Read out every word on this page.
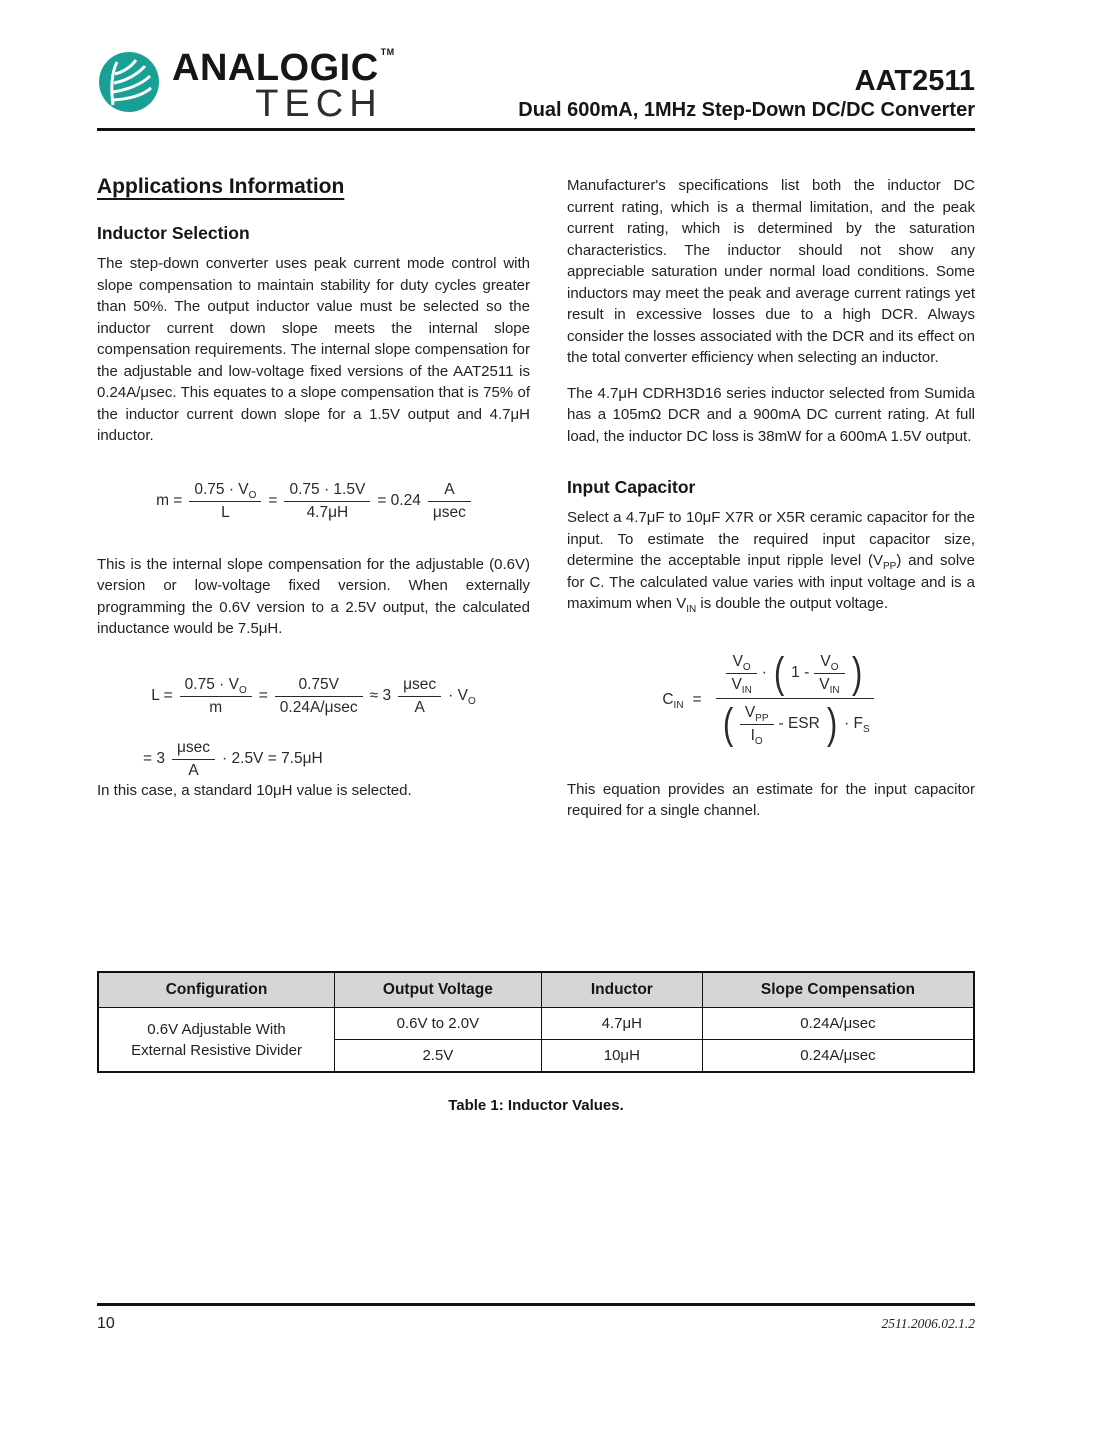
ANALOGIC ™
TECH
AAT2511
Dual 600mA, 1MHz Step-Down DC/DC Converter
Applications Information
Inductor Selection

The step-down converter uses peak current mode control with slope compensation to maintain stability for duty cycles greater than 50%. The output inductor value must be selected so the inductor current down slope meets the internal slope compensation requirements. The internal slope compensation for the adjustable and low-voltage fixed versions of the AAT2511 is 0.24A/μsec. This equates to a slope compensation that is 75% of the inductor current down slope for a 1.5V output and 4.7μH inductor.

$m = \frac{0.75 \cdot V_O}{L} = \frac{0.75 \cdot 1.5V}{4.7\mu H} = 0.24 \frac{A}{\mu\sec}$

This is the internal slope compensation for the adjustable (0.6V) version or low-voltage fixed version. When externally programming the 0.6V version to a 2.5V output, the calculated inductance would be 7.5μH.

$L = \frac{0.75 \cdot V_O}{m} = \frac{0.75V}{0.24A/\mu\sec} \approx 3 \frac{\mu\sec}{A} \cdot V_O$
= $3 \frac{\mu\sec}{A} \cdot 2.5V = 7.5\mu H$

In this case, a standard 10μH value is selected.

Manufacturer's specifications list both the inductor DC current rating, which is a thermal limitation, and the peak current rating, which is determined by the saturation characteristics. The inductor should not show any appreciable saturation under normal load conditions. Some inductors may meet the peak and average current ratings yet result in excessive losses due to a high DCR. Always consider the losses associated with the DCR and its effect on the total converter efficiency when selecting an inductor.

The 4.7μH CDRH3D16 series inductor selected from Sumida has a 105mΩ DCR and a 900mA DC current rating. At full load, the inductor DC loss is 38mW for a 600mA 1.5V output.

Input Capacitor

Select a 4.7μF to 10μF X7R or X5R ceramic capacitor for the input. To estimate the required input capacitor size, determine the acceptable input ripple level $(V_{PP})$ and solve for C. The calculated value varies with input voltage and is a maximum when $V_{IN}$ is double the output voltage.

$C_{IN}$ =
$\frac{V_O}{V_{IN}}$ · ( $1 - \frac{V_O}{V_{IN}}$ )
( $\frac{V_{PP}}{I_O}$ - ESR ) · $F_S$

This equation provides an estimate for the input capacitor required for a single channel.

Configuration	Output Voltage	Inductor	Slope Compensation

0.6V Adjustable With
External Resistive Divider	0.6V to 2.0V	4.7μH	0.24A/μsec
	2.5V	10μH	0.24A/μsec
Table 1: Inductor Values.
10	2511.2006.02.1.2
